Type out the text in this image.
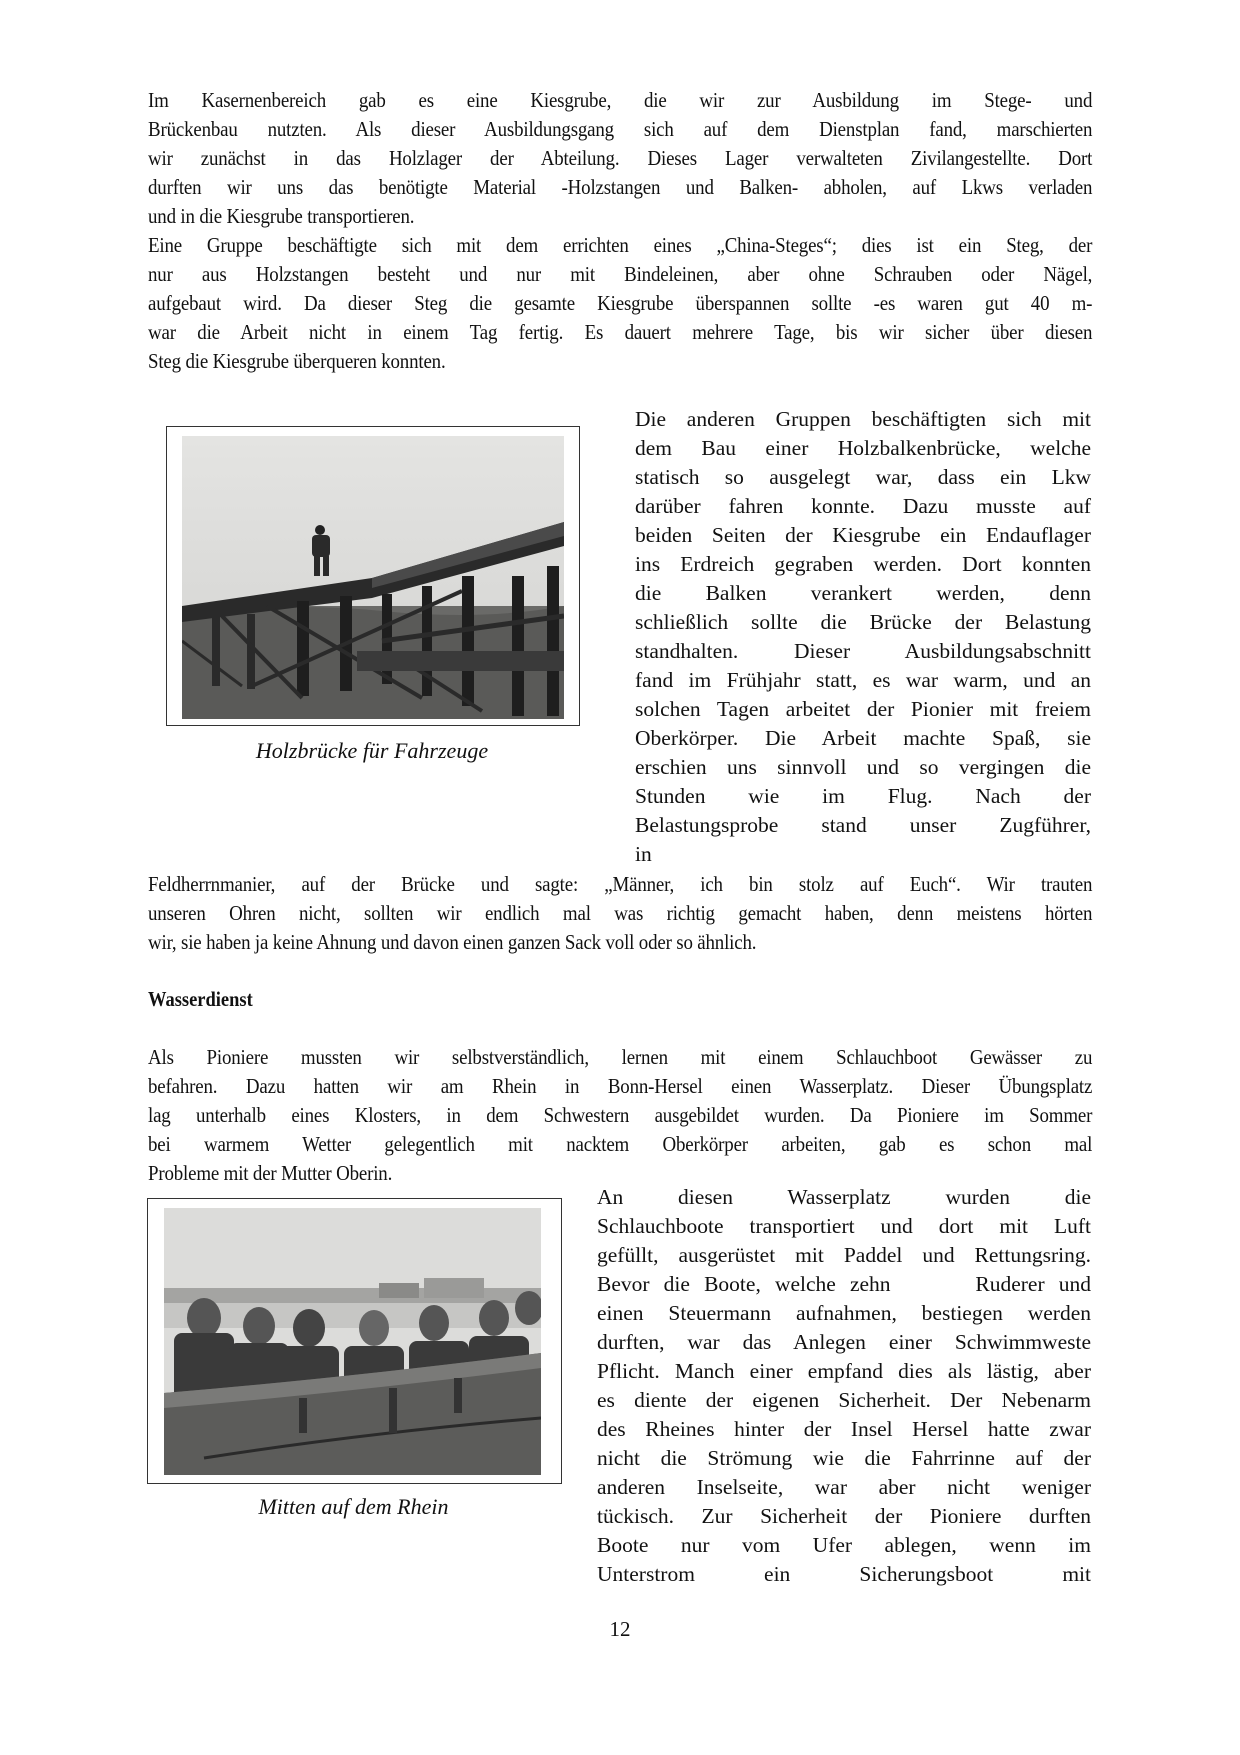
Im Kasernenbereich gab es eine Kiesgrube, die wir zur Ausbildung im Stege- und
Brückenbau nutzten. Als dieser Ausbildungsgang sich auf dem Dienstplan fand, marschierten
wir zunächst in das Holzlager der Abteilung. Dieses Lager verwalteten Zivilangestellte. Dort
durften wir uns das benötigte Material -Holzstangen und Balken- abholen, auf Lkws verladen
und in die Kiesgrube transportieren.
Eine Gruppe beschäftigte sich mit dem errichten eines „China-Steges“; dies ist ein Steg, der
nur aus Holzstangen besteht und nur mit Bindeleinen, aber ohne Schrauben oder Nägel,
aufgebaut wird. Da dieser Steg die gesamte Kiesgrube überspannen sollte -es waren gut 40 m-
war die Arbeit nicht in einem Tag fertig. Es dauert mehrere Tage, bis wir sicher über diesen
Steg die Kiesgrube überqueren konnten.
Holzbrücke für Fahrzeuge
Die anderen Gruppen beschäftigten sich mit
dem Bau einer Holzbalkenbrücke, welche
statisch so ausgelegt war, dass ein Lkw
darüber fahren konnte. Dazu musste auf
beiden Seiten der Kiesgrube ein Endauflager
ins Erdreich gegraben werden. Dort konnten
die Balken verankert werden, denn
schließlich sollte die Brücke der Belastung
standhalten. Dieser Ausbildungsabschnitt
fand im Frühjahr statt, es war warm, und an
solchen Tagen arbeitet der Pionier mit freiem
Oberkörper. Die Arbeit machte Spaß, sie
erschien uns sinnvoll und so vergingen die
Stunden wie im Flug. Nach der
Belastungsprobe stand unser Zugführer,
in
Feldherrnmanier, auf der Brücke und sagte: „Männer, ich bin stolz auf Euch“. Wir trauten
unseren Ohren nicht, sollten wir endlich mal was richtig gemacht haben, denn meistens hörten
wir, sie haben ja keine Ahnung und davon einen ganzen Sack voll oder so ähnlich.
Wasserdienst
Als Pioniere mussten wir selbstverständlich, lernen mit einem Schlauchboot Gewässer zu
befahren. Dazu hatten wir am Rhein in Bonn-Hersel einen Wasserplatz. Dieser Übungsplatz
lag unterhalb eines Klosters, in dem Schwestern ausgebildet wurden. Da Pioniere im Sommer
bei warmem Wetter gelegentlich mit nacktem Oberkörper arbeiten, gab es schon mal
Probleme mit der Mutter Oberin.
Mitten auf dem Rhein
An diesen Wasserplatz wurden die
Schlauchboote transportiert und dort mit Luft
gefüllt, ausgerüstet mit Paddel und Rettungsring.
Bevor die Boote, welche zehn      Ruderer und
einen Steuermann aufnahmen, bestiegen werden
durften, war das Anlegen einer Schwimmweste
Pflicht. Manch einer empfand dies als lästig, aber
es diente der eigenen Sicherheit. Der Nebenarm
des Rheines hinter der Insel Hersel hatte zwar
nicht die Strömung wie die Fahrrinne auf der
anderen Inselseite, war aber nicht weniger
tückisch. Zur Sicherheit der Pioniere durften
Boote nur vom Ufer ablegen, wenn im
Unterstrom ein Sicherungsboot mit
12
